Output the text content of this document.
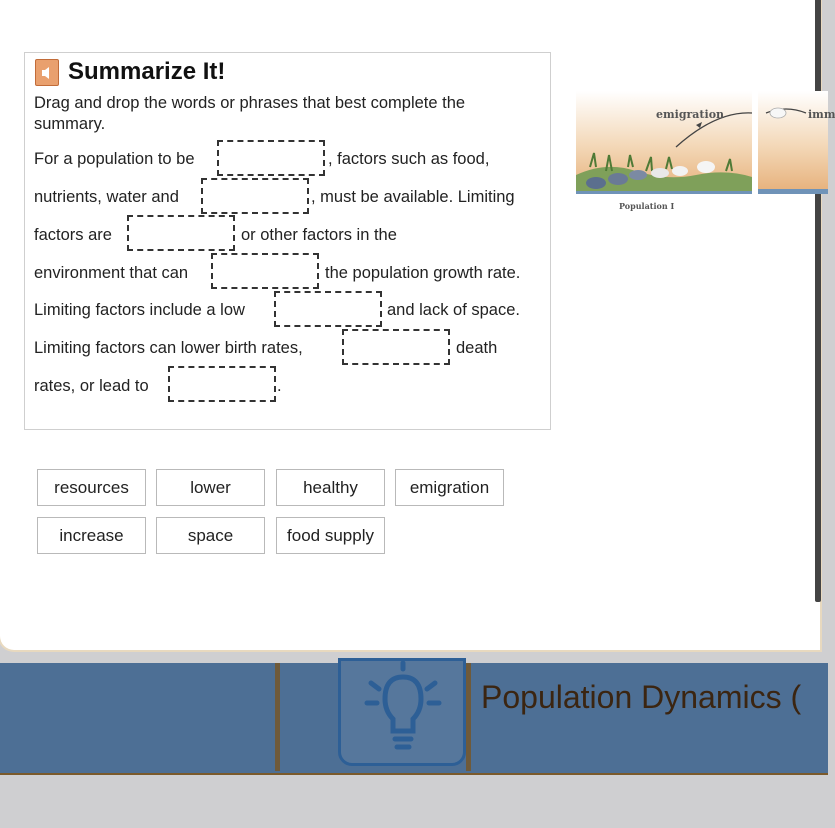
Summarize It!
Drag and drop the words or phrases that best complete the summary.
For a population to be	, factors such as food,
nutrients, water and	, must be available. Limiting
factors are	or other factors in the
environment that can	the population growth rate.
Limiting factors include a low	and lack of space.
Limiting factors can lower birth rates,	death
rates, or lead to	.
resources	lower	healthy	emigration
increase	space	food supply
emigration	imm
Population I
Population Dynamics (
